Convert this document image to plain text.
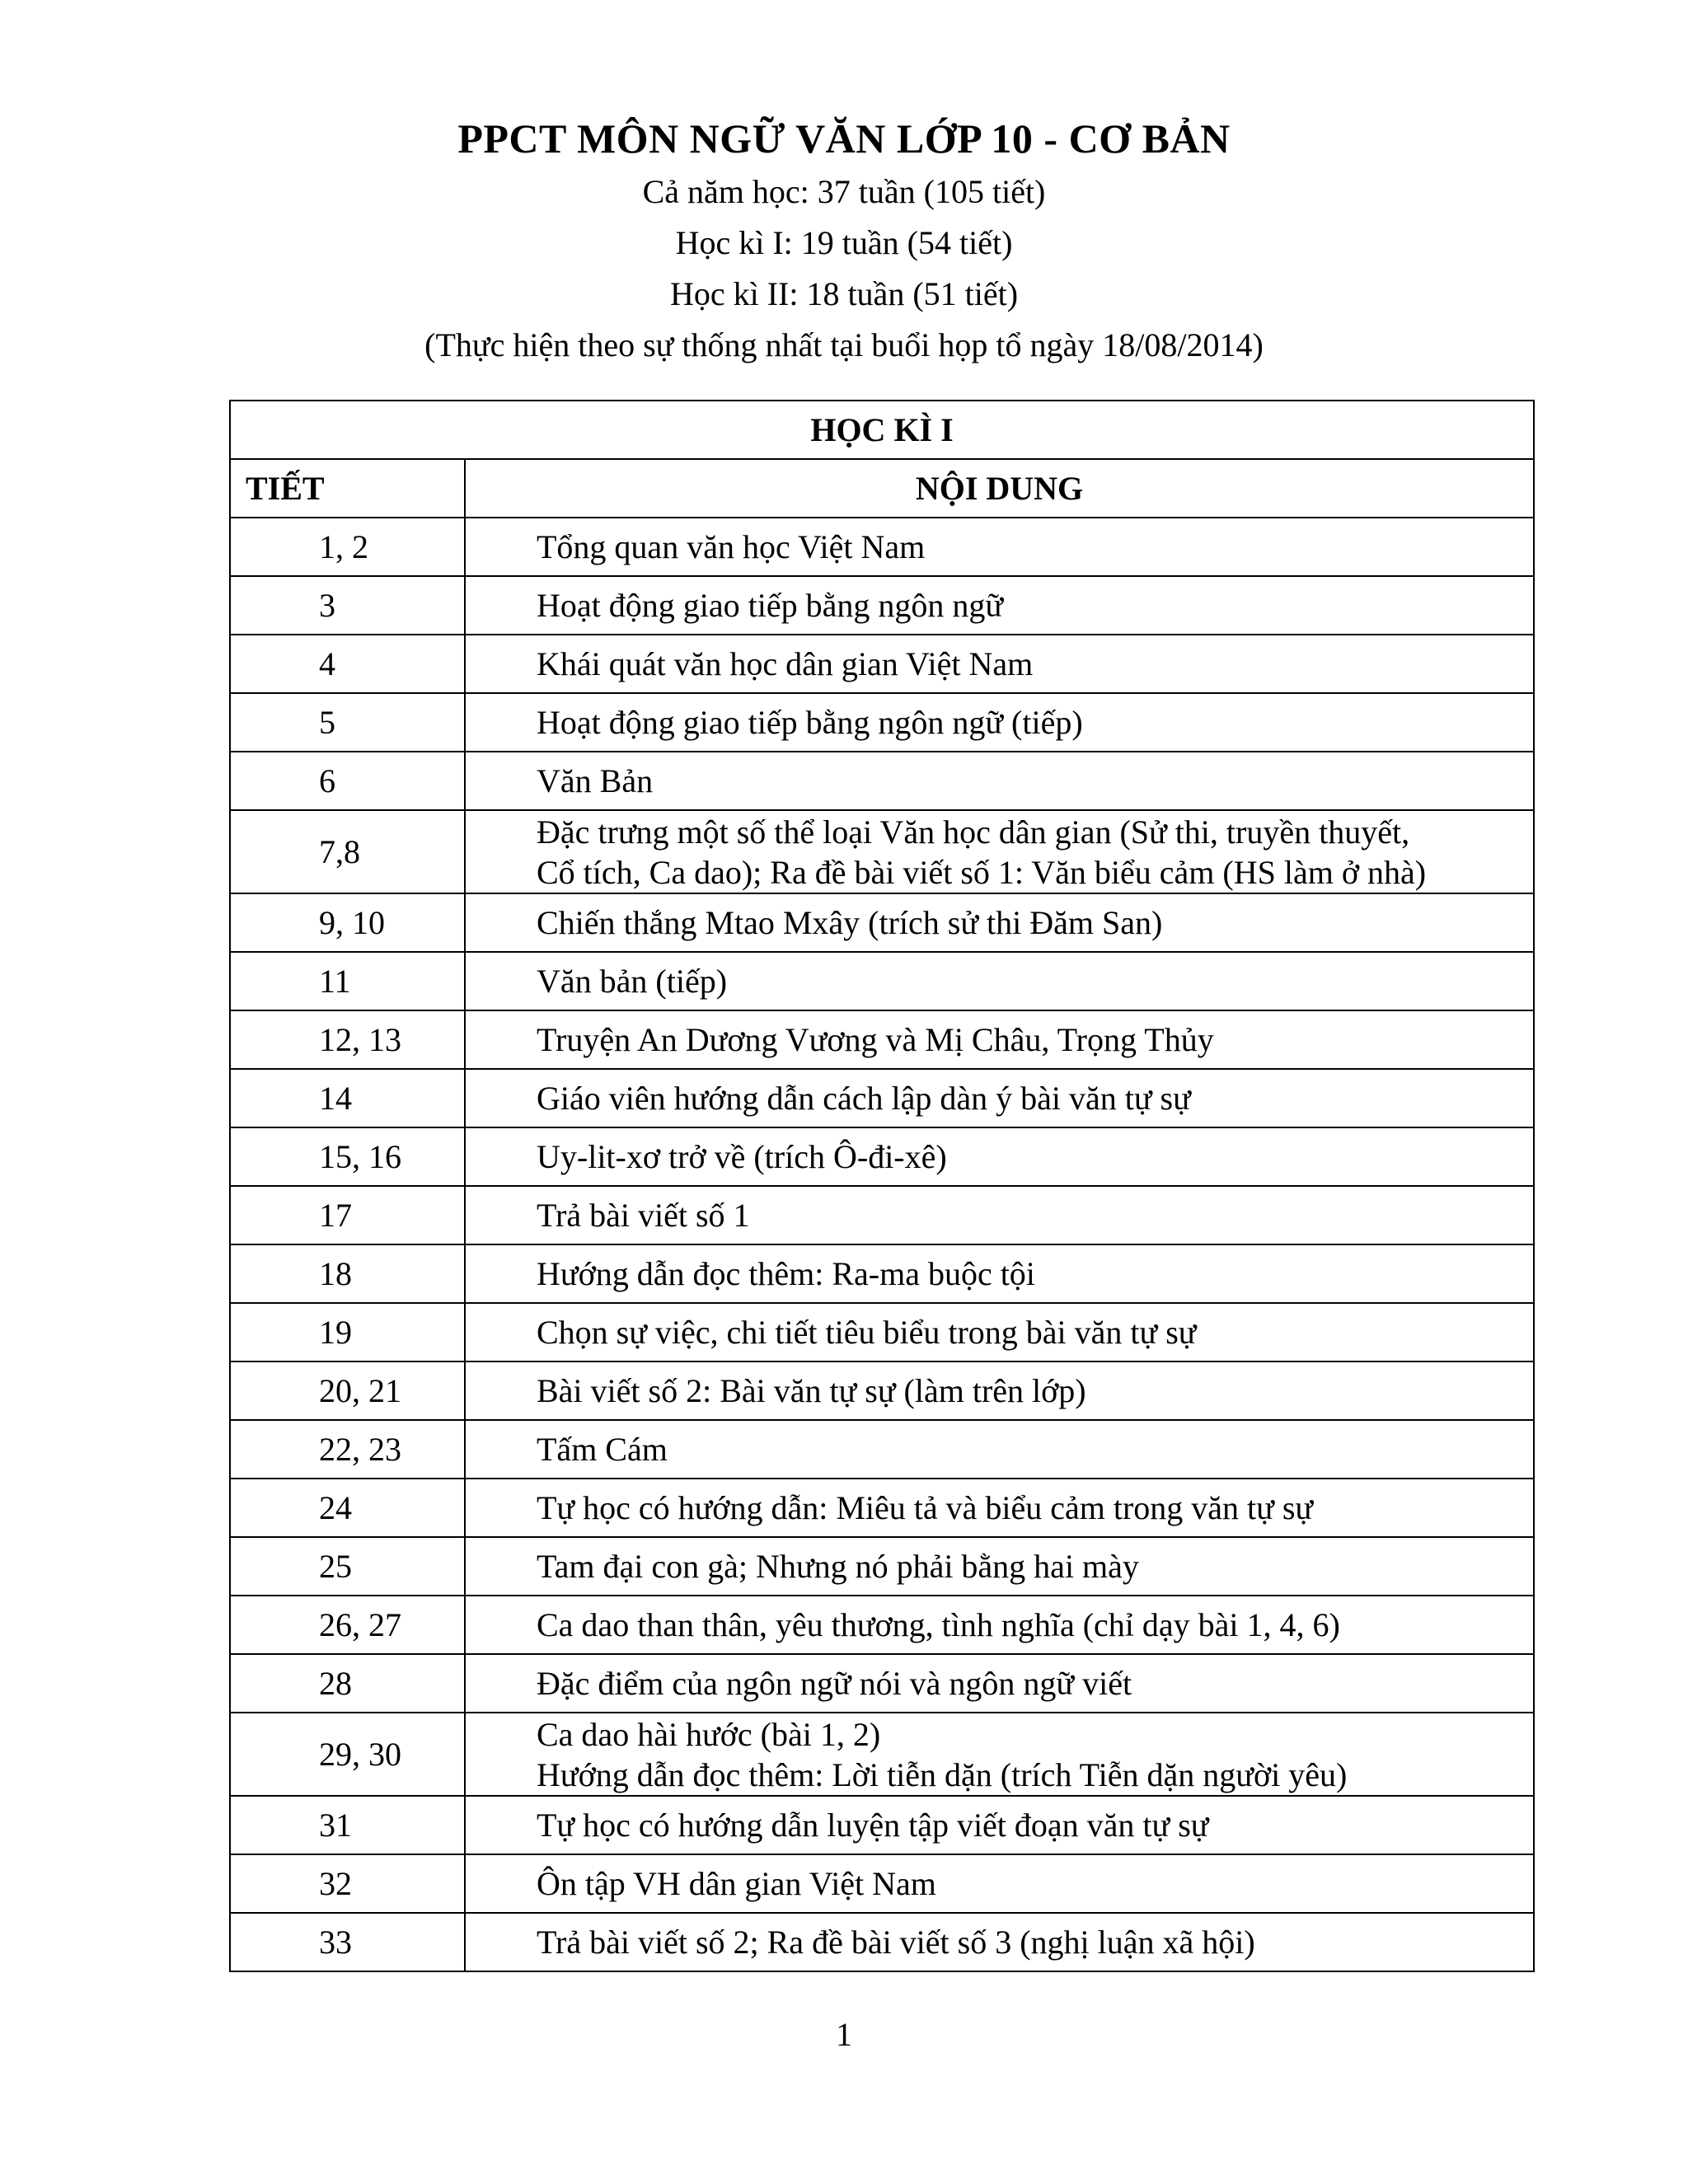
PPCT MÔN NGỮ VĂN LỚP 10 - CƠ BẢN
Cả năm học: 37 tuần (105 tiết)
Học kì I: 19 tuần (54 tiết)
Học kì II: 18 tuần (51 tiết)
(Thực hiện theo sự thống nhất tại buổi họp tổ ngày 18/08/2014)
HỌC KÌ I	
TIẾT	NỘI DUNG
1, 2	Tổng quan văn học Việt Nam

3	Hoạt động giao tiếp bằng ngôn ngữ

4	Khái quát văn học dân gian Việt Nam

5	Hoạt động giao tiếp bằng ngôn ngữ (tiếp)

6	Văn Bản

7,8	Đặc trưng một số thể loại Văn học dân gian (Sử thi, truyền thuyết,
Cổ tích, Ca dao); Ra đề bài viết số 1: Văn biểu cảm (HS làm ở nhà)

9, 10	Chiến thắng Mtao Mxây (trích sử thi Đăm San)

11	Văn bản (tiếp)

12, 13	Truyện An Dương Vương và Mị Châu, Trọng Thủy

14	Giáo viên hướng dẫn cách lập dàn ý bài văn tự sự

15, 16	Uy-lit-xơ trở về (trích Ô-đi-xê)

17	Trả bài viết số 1

18	Hướng dẫn đọc thêm: Ra-ma buộc tội

19	Chọn sự việc, chi tiết tiêu biểu trong bài văn tự sự

20, 21	Bài viết số 2: Bài văn tự sự (làm trên lớp)

22, 23	Tấm Cám

24	Tự học có hướng dẫn: Miêu tả và biểu cảm trong văn tự sự

25	Tam đại con gà; Nhưng nó phải bằng hai mày

26, 27	Ca dao than thân, yêu thương, tình nghĩa (chỉ dạy bài 1, 4, 6)

28	Đặc điểm của ngôn ngữ nói và ngôn ngữ viết

29, 30	Ca dao hài hước (bài 1, 2)
Hướng dẫn đọc thêm: Lời tiễn dặn (trích Tiễn dặn người yêu)

31	Tự học có hướng dẫn luyện tập viết đoạn văn tự sự

32	Ôn tập VH dân gian Việt Nam

33	Trả bài viết số 2; Ra đề bài viết số 3 (nghị luận xã hội)
1
